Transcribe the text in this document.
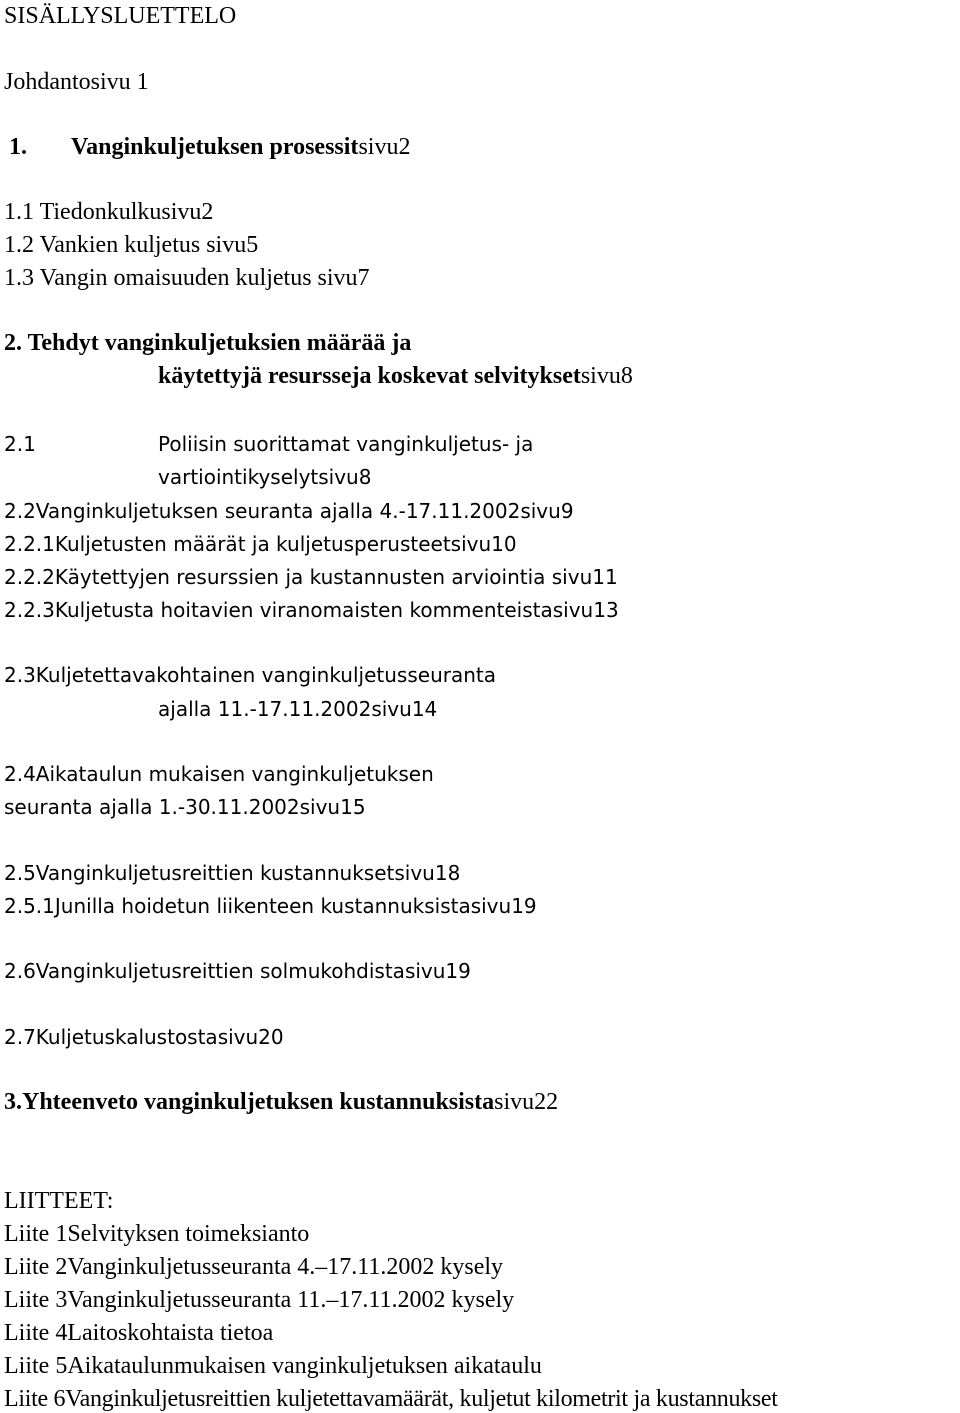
SISÄLLYSLUETTELO
Johdantosivu 1
1. Vanginkuljetuksen prosessitsivu2
1.1 Tiedonkulkusivu2
1.2 Vankien kuljetus sivu5
1.3 Vangin omaisuuden kuljetus sivu7
2. Tehdyt vanginkuljetuksien määrää ja
käytettyjä resursseja koskevat selvityksetsivu8
2.1	Poliisin suorittamat vanginkuljetus- ja
vartiointikyselytsivu8
2.2Vanginkuljetuksen seuranta ajalla 4.-17.11.2002sivu9
2.2.1Kuljetusten määrät ja kuljetusperusteetsivu10
2.2.2Käytettyjen resurssien ja kustannusten arviointia sivu11
2.2.3Kuljetusta hoitavien viranomaisten kommenteistasivu13
2.3Kuljetettavakohtainen vanginkuljetusseuranta
ajalla 11.-17.11.2002sivu14
2.4Aikataulun mukaisen vanginkuljetuksen
seuranta ajalla 1.-30.11.2002sivu15
2.5Vanginkuljetusreittien kustannuksetsivu18
2.5.1Junilla hoidetun liikenteen kustannuksistasivu19
2.6Vanginkuljetusreittien solmukohdistasivu19
2.7Kuljetuskalustostasivu20
3.Yhteenveto vanginkuljetuksen kustannuksistasivu22
LIITTEET:
Liite 1Selvityksen toimeksianto
Liite 2Vanginkuljetusseuranta 4.–17.11.2002 kysely
Liite 3Vanginkuljetusseuranta 11.–17.11.2002 kysely
Liite 4Laitoskohtaista tietoa
Liite 5Aikataulunmukaisen vanginkuljetuksen aikataulu
Liite 6Vanginkuljetusreittien kuljetettavamäärät, kuljetut kilometrit ja kustannukset
